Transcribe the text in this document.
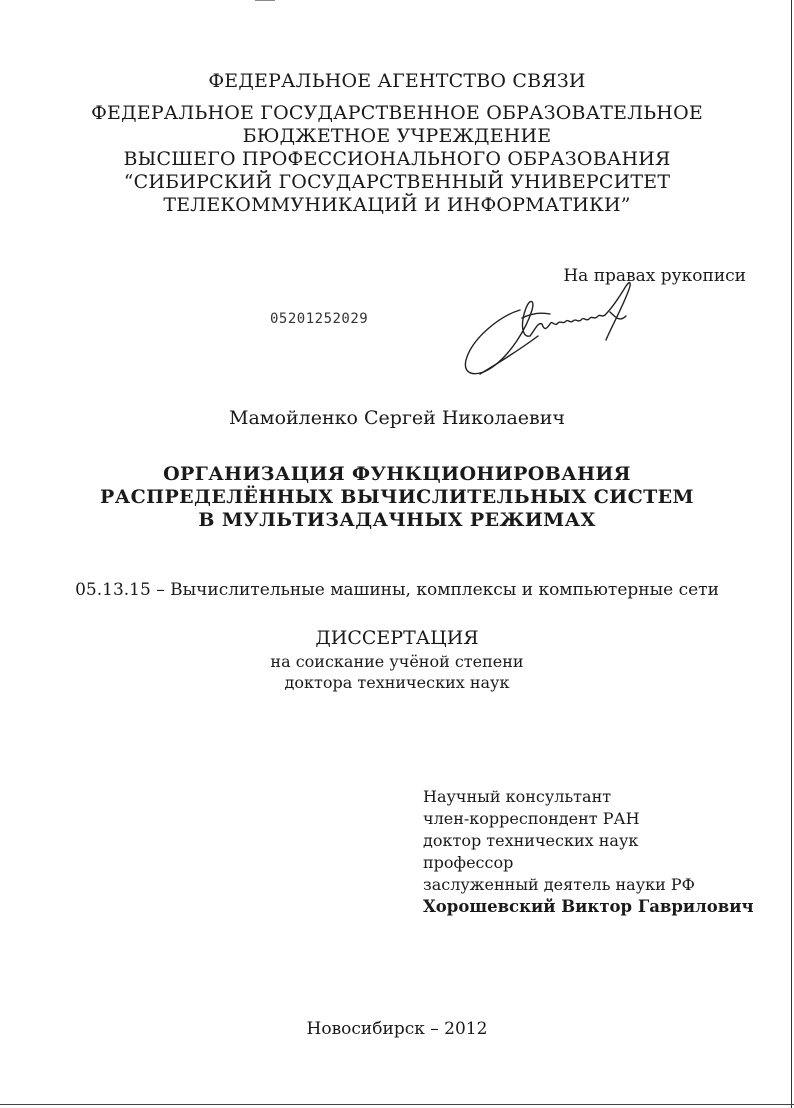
ФЕДЕРАЛЬНОЕ АГЕНТСТВО СВЯЗИ
ФЕДЕРАЛЬНОЕ ГОСУДАРСТВЕННОЕ ОБРАЗОВАТЕЛЬНОЕ
БЮДЖЕТНОЕ УЧРЕЖДЕНИЕ
ВЫСШЕГО ПРОФЕССИОНАЛЬНОГО ОБРАЗОВАНИЯ
“СИБИРСКИЙ ГОСУДАРСТВЕННЫЙ УНИВЕРСИТЕТ
ТЕЛЕКОММУНИКАЦИЙ И ИНФОРМАТИКИ”
На правах рукописи
05201252029
Мамойленко Сергей Николаевич
ОРГАНИЗАЦИЯ ФУНКЦИОНИРОВАНИЯ
РАСПРЕДЕЛЁННЫХ ВЫЧИСЛИТЕЛЬНЫХ СИСТЕМ
В МУЛЬТИЗАДАЧНЫХ РЕЖИМАХ
05.13.15 – Вычислительные машины, комплексы и компьютерные сети
ДИССЕРТАЦИЯ
на соискание учёной степени
доктора технических наук
Научный консультант
член-корреспондент РАН
доктор технических наук
профессор
заслуженный деятель науки РФ
Хорошевский Виктор Гаврилович
Новосибирск – 2012
